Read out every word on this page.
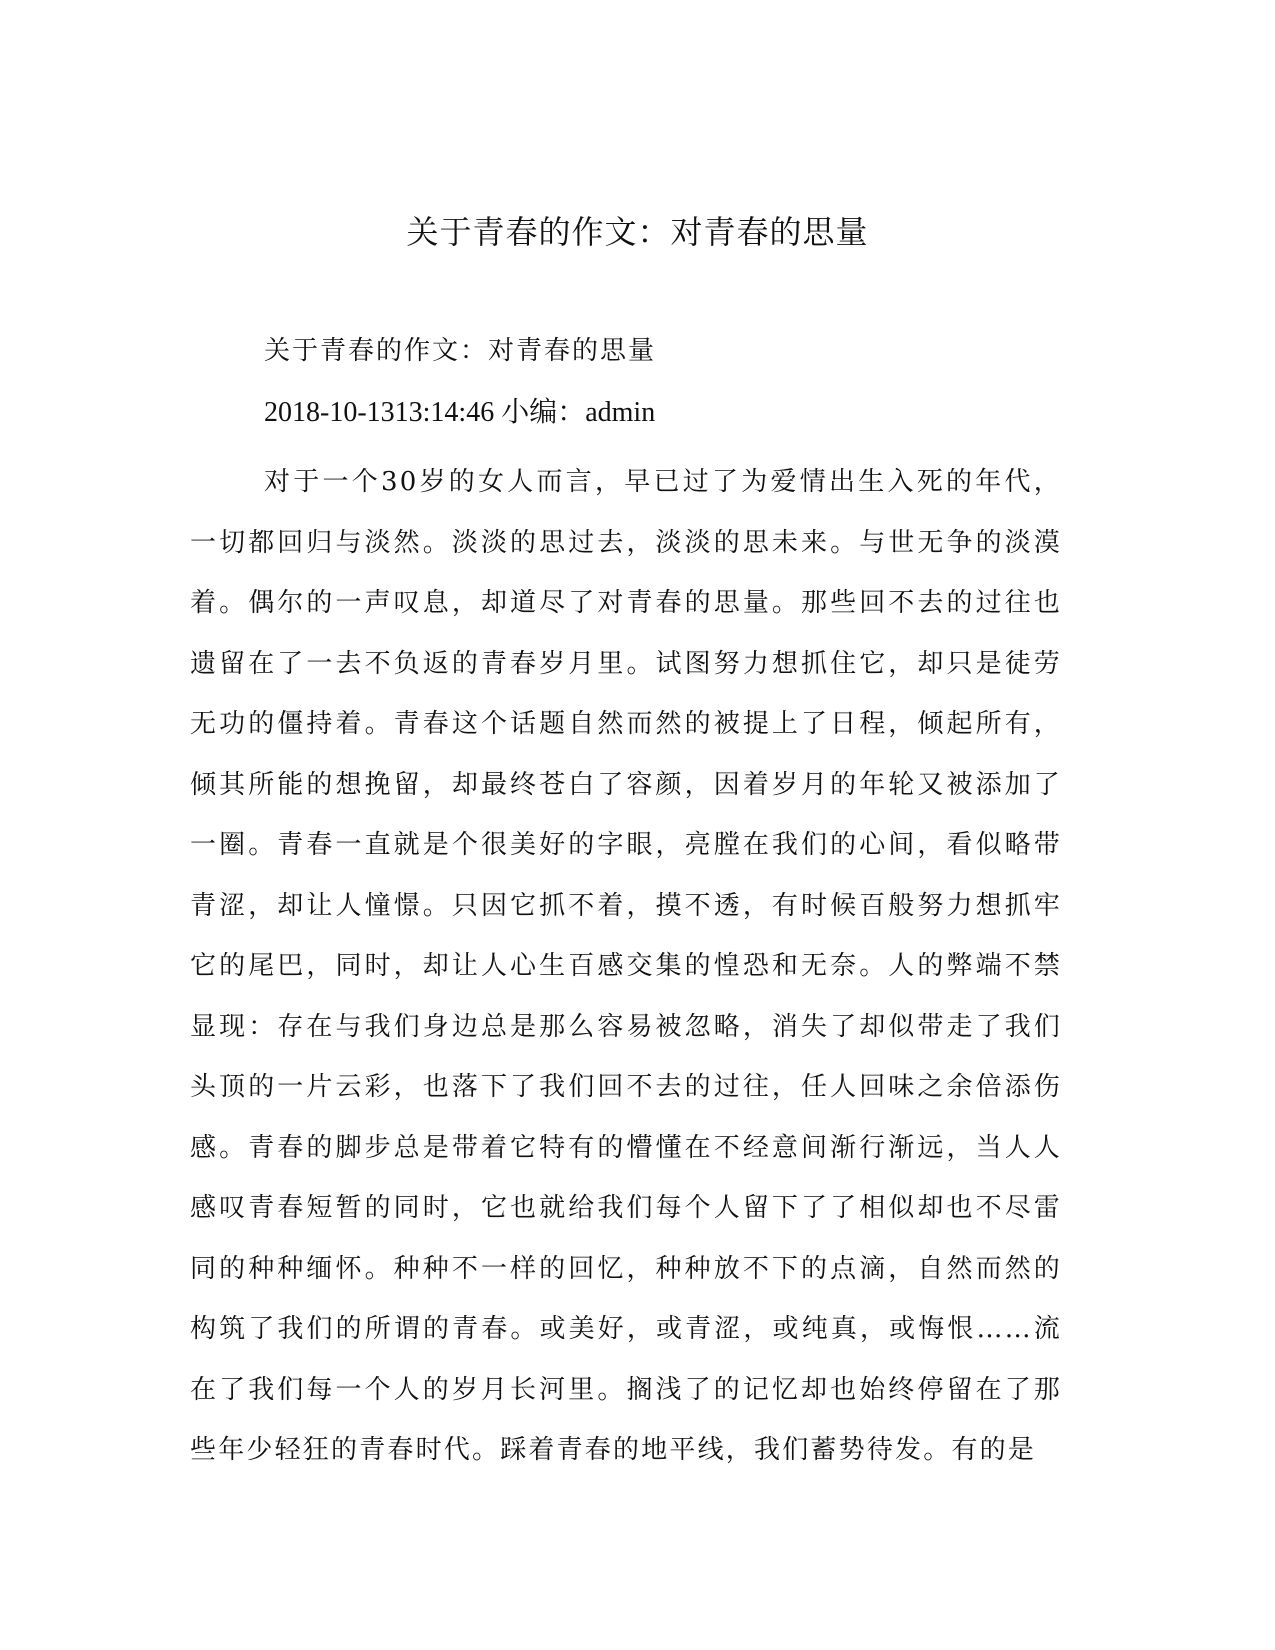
关于青春的作文：对青春的思量

关于青春的作文：对青春的思量

2018-10-1313:14:46 小编：admin

对于一个30岁的女人而言，早已过了为爱情出生入死的年代，一切都回归与淡然。淡淡的思过去，淡淡的思未来。与世无争的淡漠着。偶尔的一声叹息，却道尽了对青春的思量。那些回不去的过往也遗留在了一去不负返的青春岁月里。试图努力想抓住它，却只是徒劳无功的僵持着。青春这个话题自然而然的被提上了日程，倾起所有，倾其所能的想挽留，却最终苍白了容颜，因着岁月的年轮又被添加了一圈。青春一直就是个很美好的字眼，亮膛在我们的心间，看似略带青涩，却让人憧憬。只因它抓不着，摸不透，有时候百般努力想抓牢它的尾巴，同时，却让人心生百感交集的惶恐和无奈。人的弊端不禁显现：存在与我们身边总是那么容易被忽略，消失了却似带走了我们头顶的一片云彩，也落下了我们回不去的过往，任人回味之余倍添伤感。青春的脚步总是带着它特有的懵懂在不经意间渐行渐远，当人人感叹青春短暂的同时，它也就给我们每个人留下了了相似却也不尽雷同的种种缅怀。种种不一样的回忆，种种放不下的点滴，自然而然的构筑了我们的所谓的青春。或美好，或青涩，或纯真，或悔恨……流在了我们每一个人的岁月长河里。搁浅了的记忆却也始终停留在了那些年少轻狂的青春时代。踩着青春的地平线，我们蓄势待发。有的是
